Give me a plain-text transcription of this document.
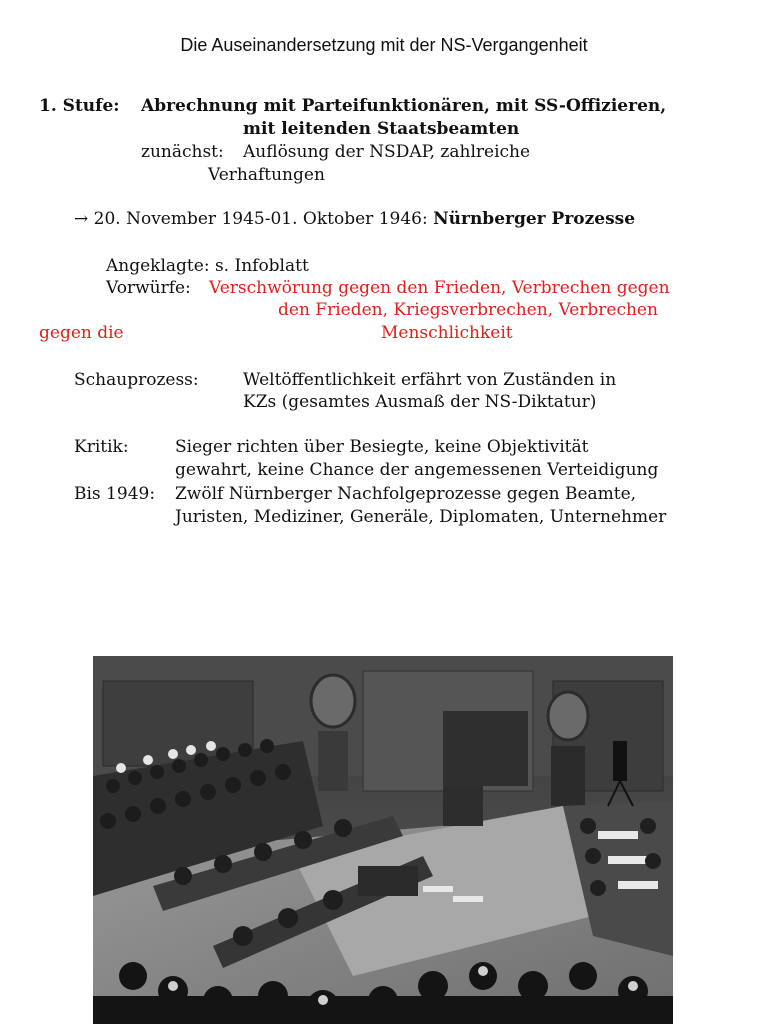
Die Auseinandersetzung mit der NS-Vergangenheit
1. Stufe: Abrechnung mit Parteifunktionären, mit SS-Offizieren,
mit leitenden Staatsbeamten
zunächst: Auflösung der NSDAP, zahlreiche
Verhaftungen
→ 20. November 1945-01. Oktober 1946: Nürnberger Prozesse
Angeklagte: s. Infoblatt
Vorwürfe: Verschwörung gegen den Frieden, Verbrechen gegen
den Frieden, Kriegsverbrechen, Verbrechen
gegen die	Menschlichkeit
Schauprozess:	Weltöffentlichkeit erfährt von Zuständen in
KZs (gesamtes Ausmaß der NS-Diktatur)
Kritik:	Sieger richten über Besiegte, keine Objektivität
gewahrt, keine Chance der angemessenen Verteidigung
Bis 1949: Zwölf Nürnberger Nachfolgeprozesse gegen Beamte,
Juristen, Mediziner, Generäle, Diplomaten, Unternehmer
